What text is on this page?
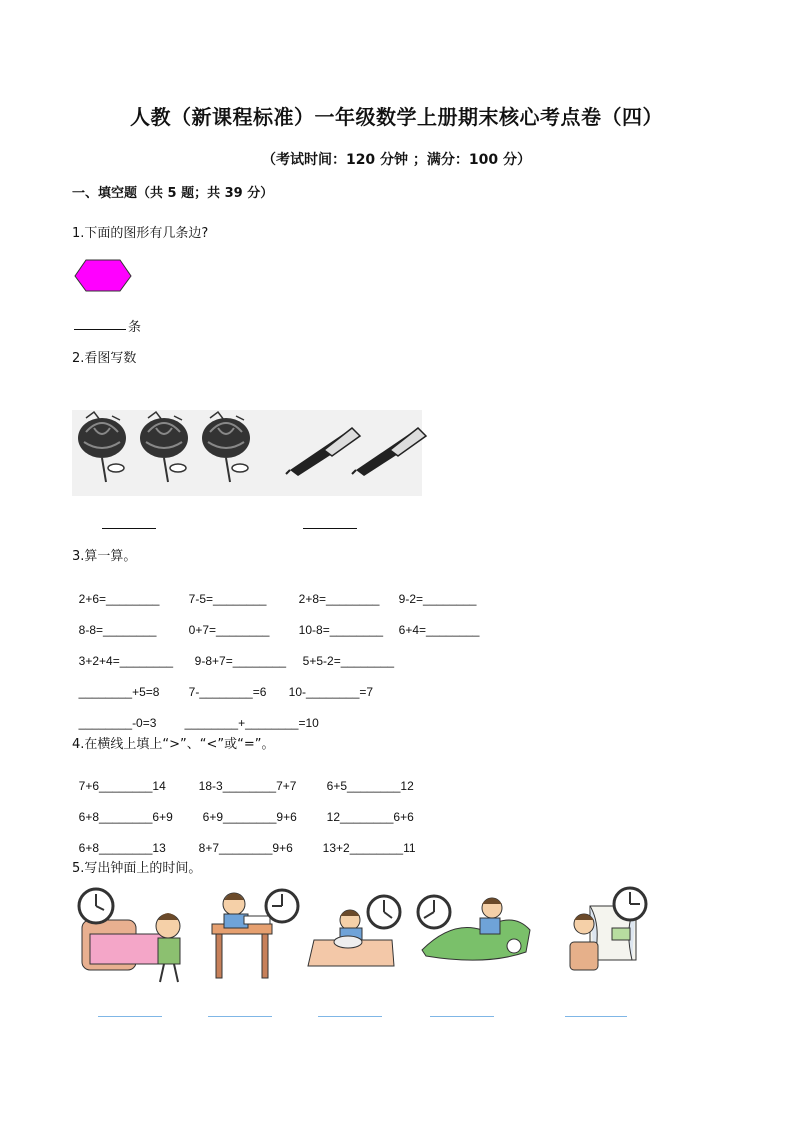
人教（新课程标准）一年级数学上册期末核心考点卷（四）
（考试时间：120 分钟 ；满分：100 分）
一、填空题（共 5 题；共 39 分）
1.下面的图形有几条边?
条
2.看图写数
3.算一算。

2+6=________ 7-5=________	2+8=________ 9-2=________

8-8=________	0+7=________ 10-8=________ 6+4=________

3+2+4=________ 9-8+7=________ 5+5-2=________

________+5=8 7-________=6 10-________=7

________-0=3 ________+________=10

4.在横线上填上“>”、“<”或“=”。

7+6________14	18-3________7+7	6+5________12

6+8________6+9 6+9________9+6 12________6+6

6+8________13	8+7________9+6 13+2________11

5.写出钟面上的时间。
